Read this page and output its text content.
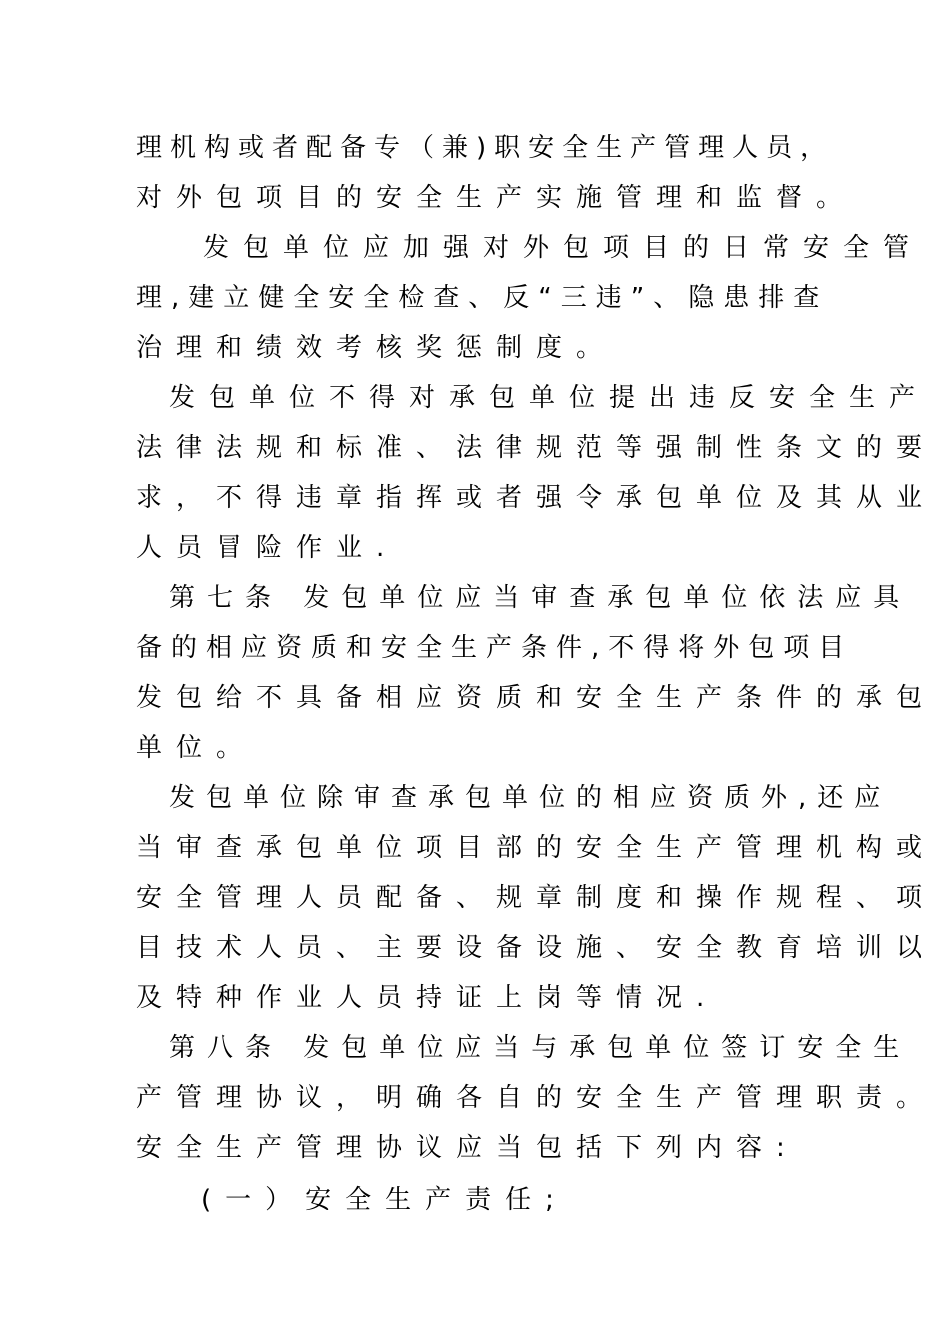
理机构或者配备专（兼)职安全生产管理人员，
对外包项目的安全生产实施管理和监督。
发包单位应加强对外包项目的日常安全管
理,建立健全安全检查、反“三违”、隐患排查
治理和绩效考核奖惩制度。
发包单位不得对承包单位提出违反安全生产
法律法规和标准、法律规范等强制性条文的要
求，不得违章指挥或者强令承包单位及其从业
人员冒险作业.
第七条 发包单位应当审查承包单位依法应具
备的相应资质和安全生产条件,不得将外包项目
发包给不具备相应资质和安全生产条件的承包
单位。
发包单位除审查承包单位的相应资质外,还应
当审查承包单位项目部的安全生产管理机构或
安全管理人员配备、规章制度和操作规程、项
目技术人员、主要设备设施、安全教育培训以
及特种作业人员持证上岗等情况.
第八条 发包单位应当与承包单位签订安全生
产管理协议，明确各自的安全生产管理职责。
安全生产管理协议应当包括下列内容:
(一）安全生产责任;
